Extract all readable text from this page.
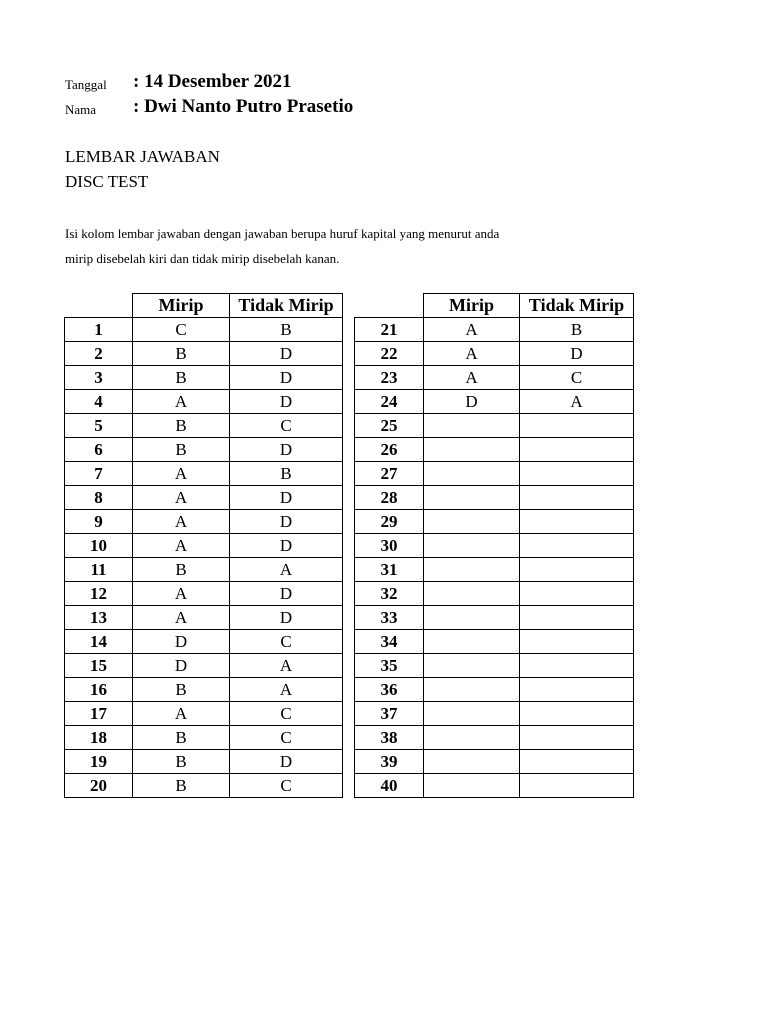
Tanggal : 14 Desember 2021
Nama : Dwi Nanto Putro Prasetio
LEMBAR JAWABAN
DISC TEST
Isi kolom lembar jawaban dengan jawaban berupa huruf kapital yang menurut anda
mirip disebelah kiri dan tidak mirip disebelah kanan.
	Mirip	Tidak Mirip
1	C	B
2	B	D
3	B	D
4	A	D
5	B	C
6	B	D
7	A	B
8	A	D
9	A	D
10	A	D
11	B	A
12	A	D
13	A	D
14	D	C
15	D	A
16	B	A
17	A	C
18	B	C
19	B	D
20	B	C
	Mirip	Tidak Mirip
21	A	B
22	A	D
23	A	C
24	D	A
25		
26		
27		
28		
29		
30		
31		
32		
33		
34		
35		
36		
37		
38		
39		
40		
